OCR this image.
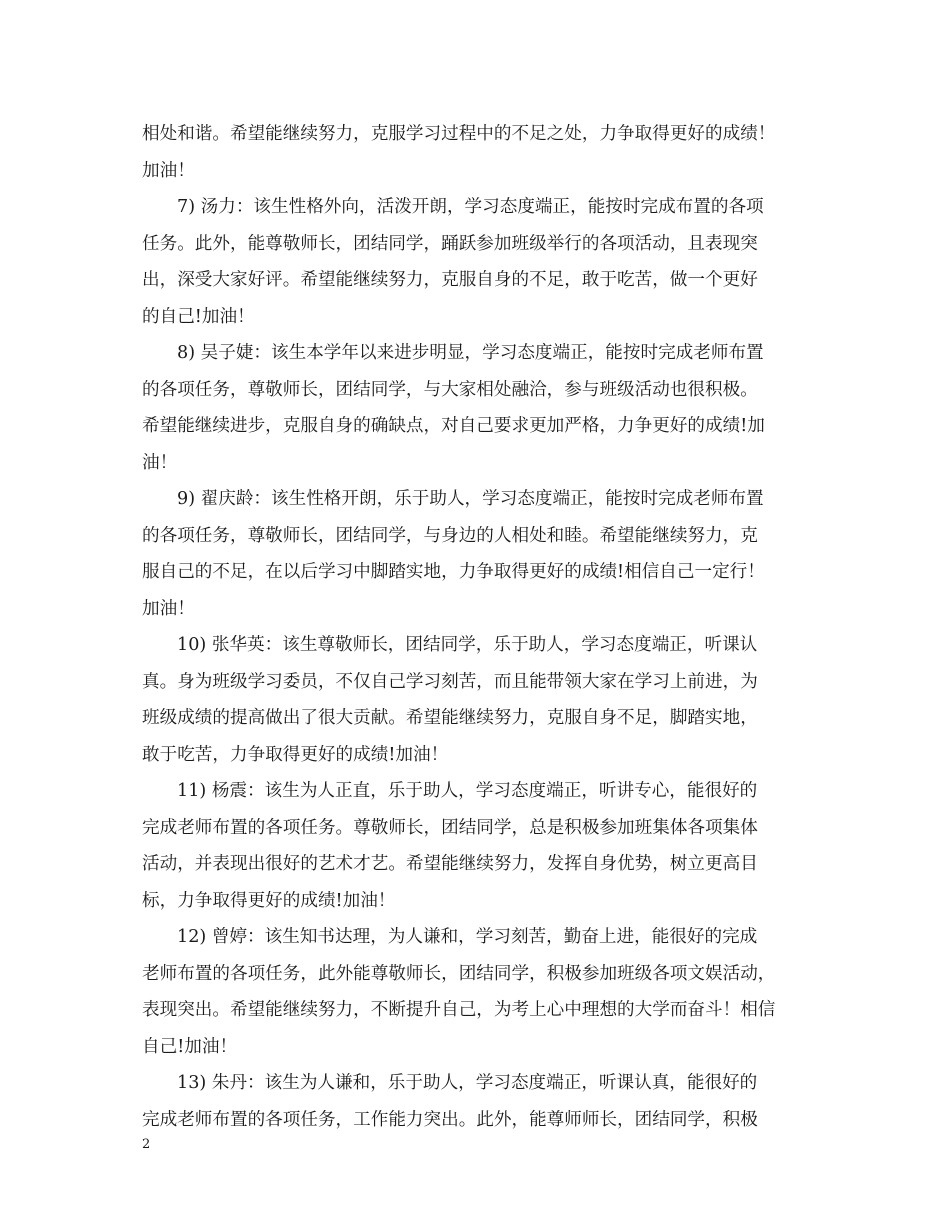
相处和谐。希望能继续努力，克服学习过程中的不足之处，力争取得更好的成绩！
加油！
7) 汤力：该生性格外向，活泼开朗，学习态度端正，能按时完成布置的各项
任务。此外，能尊敬师长，团结同学，踊跃参加班级举行的各项活动，且表现突
出，深受大家好评。希望能继续努力，克服自身的不足，敢于吃苦，做一个更好
的自己!加油！
8) 吴子婕：该生本学年以来进步明显，学习态度端正，能按时完成老师布置
的各项任务，尊敬师长，团结同学，与大家相处融洽，参与班级活动也很积极。
希望能继续进步，克服自身的确缺点，对自己要求更加严格，力争更好的成绩!加
油！
9) 翟庆龄：该生性格开朗，乐于助人，学习态度端正，能按时完成老师布置
的各项任务，尊敬师长，团结同学，与身边的人相处和睦。希望能继续努力，克
服自己的不足，在以后学习中脚踏实地，力争取得更好的成绩!相信自己一定行！
加油！
10) 张华英：该生尊敬师长，团结同学，乐于助人，学习态度端正，听课认
真。身为班级学习委员，不仅自己学习刻苦，而且能带领大家在学习上前进，为
班级成绩的提高做出了很大贡献。希望能继续努力，克服自身不足，脚踏实地，
敢于吃苦，力争取得更好的成绩!加油！
11) 杨震：该生为人正直，乐于助人，学习态度端正，听讲专心，能很好的
完成老师布置的各项任务。尊敬师长，团结同学，总是积极参加班集体各项集体
活动，并表现出很好的艺术才艺。希望能继续努力，发挥自身优势，树立更高目
标，力争取得更好的成绩!加油！
12) 曾婷：该生知书达理，为人谦和，学习刻苦，勤奋上进，能很好的完成
老师布置的各项任务，此外能尊敬师长，团结同学，积极参加班级各项文娱活动，
表现突出。希望能继续努力，不断提升自己，为考上心中理想的大学而奋斗！相信
自己!加油！
13) 朱丹：该生为人谦和，乐于助人，学习态度端正，听课认真，能很好的
完成老师布置的各项任务，工作能力突出。此外，能尊师师长，团结同学，积极
2
